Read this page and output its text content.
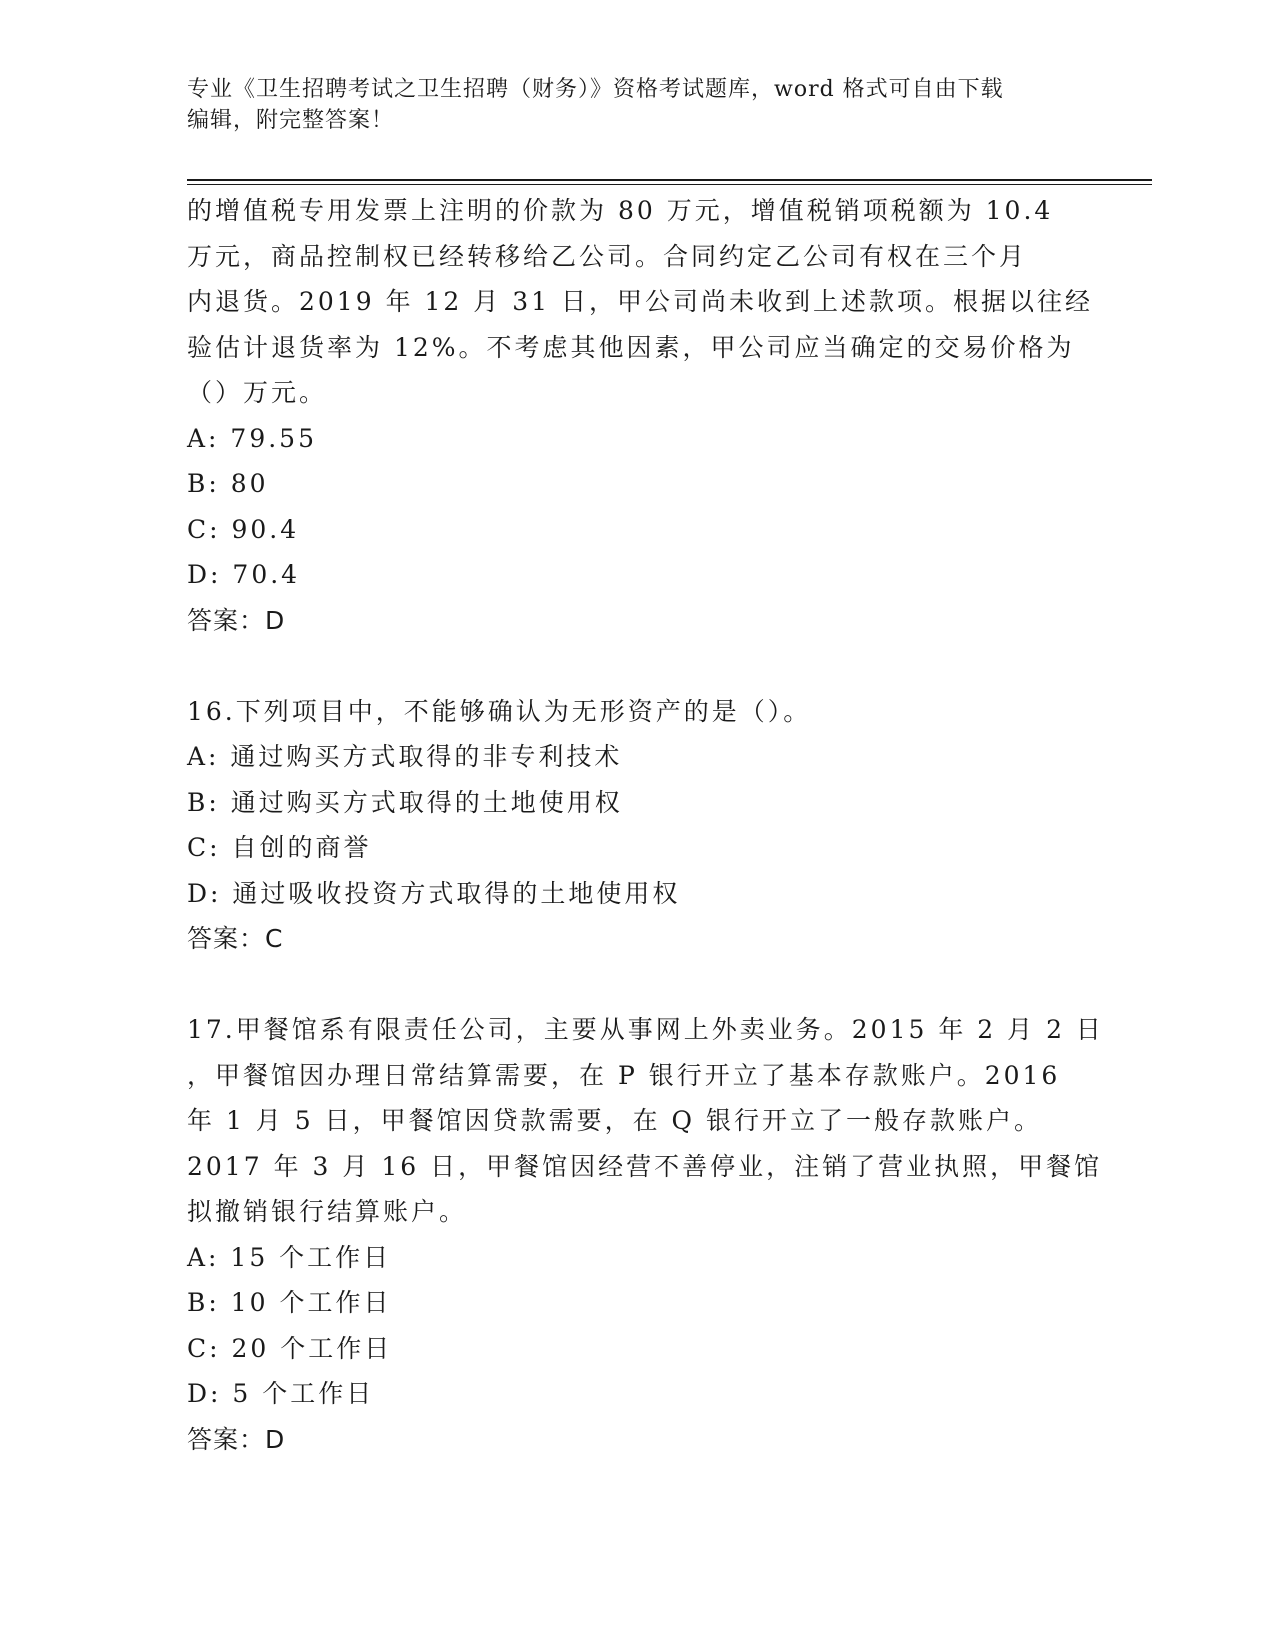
专业《卫生招聘考试之卫生招聘（财务）》资格考试题库，word 格式可自由下载
编辑，附完整答案！
的增值税专用发票上注明的价款为 80 万元，增值税销项税额为 10.4
万元，商品控制权已经转移给乙公司。合同约定乙公司有权在三个月
内退货。2019 年 12 月 31 日，甲公司尚未收到上述款项。根据以往经
验估计退货率为 12%。不考虑其他因素，甲公司应当确定的交易价格为
（）万元。
A: 79.55
B: 80
C: 90.4
D: 70.4
答案：D
16.下列项目中，不能够确认为无形资产的是（）。
A: 通过购买方式取得的非专利技术
B: 通过购买方式取得的土地使用权
C: 自创的商誉
D: 通过吸收投资方式取得的土地使用权
答案：C
17.甲餐馆系有限责任公司，主要从事网上外卖业务。2015 年 2 月 2 日
，甲餐馆因办理日常结算需要，在 P 银行开立了基本存款账户。2016
年 1 月 5 日，甲餐馆因贷款需要，在 Q 银行开立了一般存款账户。
2017 年 3 月 16 日，甲餐馆因经营不善停业，注销了营业执照，甲餐馆
拟撤销银行结算账户。
A: 15 个工作日
B: 10 个工作日
C: 20 个工作日
D: 5 个工作日
答案：D
